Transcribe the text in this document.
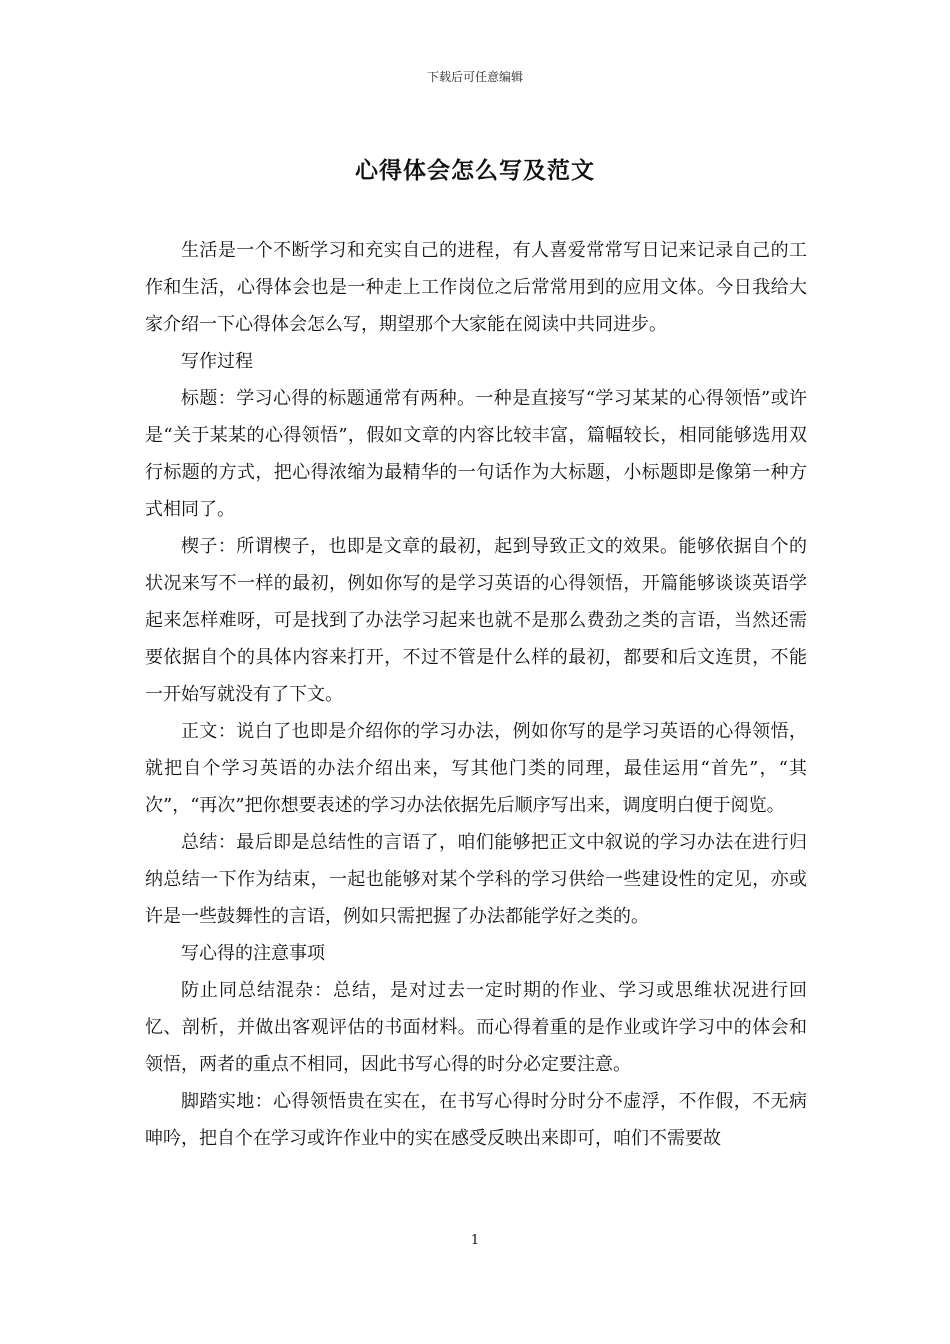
下载后可任意编辑
心得体会怎么写及范文

生活是一个不断学习和充实自己的进程，有人喜爱常常写日记来记录自己的工作和生活，心得体会也是一种走上工作岗位之后常常用到的应用文体。今日我给大家介绍一下心得体会怎么写，期望那个大家能在阅读中共同进步。

写作过程

标题：学习心得的标题通常有两种。一种是直接写“学习某某的心得领悟”或许是“关于某某的心得领悟”，假如文章的内容比较丰富，篇幅较长，相同能够选用双行标题的方式，把心得浓缩为最精华的一句话作为大标题，小标题即是像第一种方式相同了。

楔子：所谓楔子，也即是文章的最初，起到导致正文的效果。能够依据自个的状况来写不一样的最初，例如你写的是学习英语的心得领悟，开篇能够谈谈英语学起来怎样难呀，可是找到了办法学习起来也就不是那么费劲之类的言语，当然还需要依据自个的具体内容来打开，不过不管是什么样的最初，都要和后文连贯，不能一开始写就没有了下文。

正文：说白了也即是介绍你的学习办法，例如你写的是学习英语的心得领悟，就把自个学习英语的办法介绍出来，写其他门类的同理，最佳运用“首先”，“其次”，“再次”把你想要表述的学习办法依据先后顺序写出来，调度明白便于阅览。

总结：最后即是总结性的言语了，咱们能够把正文中叙说的学习办法在进行归纳总结一下作为结束，一起也能够对某个学科的学习供给一些建设性的定见，亦或许是一些鼓舞性的言语，例如只需把握了办法都能学好之类的。

写心得的注意事项

防止同总结混杂：总结，是对过去一定时期的作业、学习或思维状况进行回忆、剖析，并做出客观评估的书面材料。而心得着重的是作业或许学习中的体会和领悟，两者的重点不相同，因此书写心得的时分必定要注意。

脚踏实地：心得领悟贵在实在，在书写心得时分时分不虚浮，不作假，不无病呻吟，把自个在学习或许作业中的实在感受反映出来即可，咱们不需要故

1
